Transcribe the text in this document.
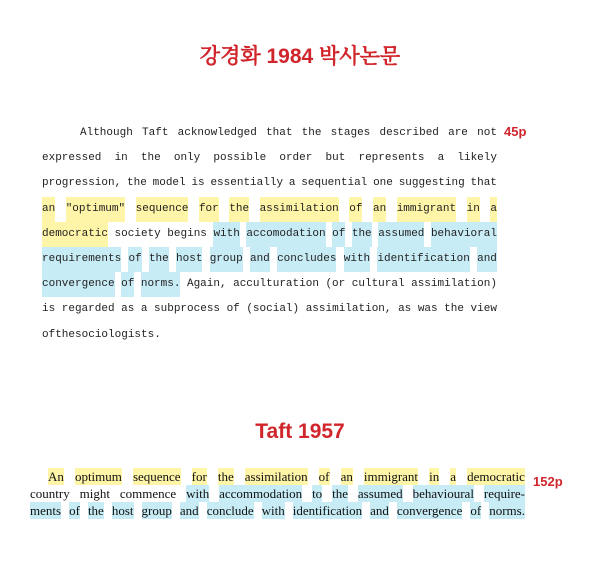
강경화 1984 박사논문
45p
Although Taft acknowledged that the stages described are not
expressed in the only possible order but represents a likely
progression, the model is essentially a sequential one suggesting that
an "optimum" sequence for the assimilation of an immigrant in a
democratic society begins with accomodation of the assumed behavioral
requirements of the host group and concludes with identification and
convergence of norms. Again, acculturation (or cultural assimilation)
is regarded as a subprocess of (social) assimilation, as was the view
of the sociologists.
Taft 1957
152p
An optimum sequence for the assimilation of an immigrant in a democratic
country might commence with accommodation to the assumed behavioural require-
ments of the host group and conclude with identification and convergence of norms.
